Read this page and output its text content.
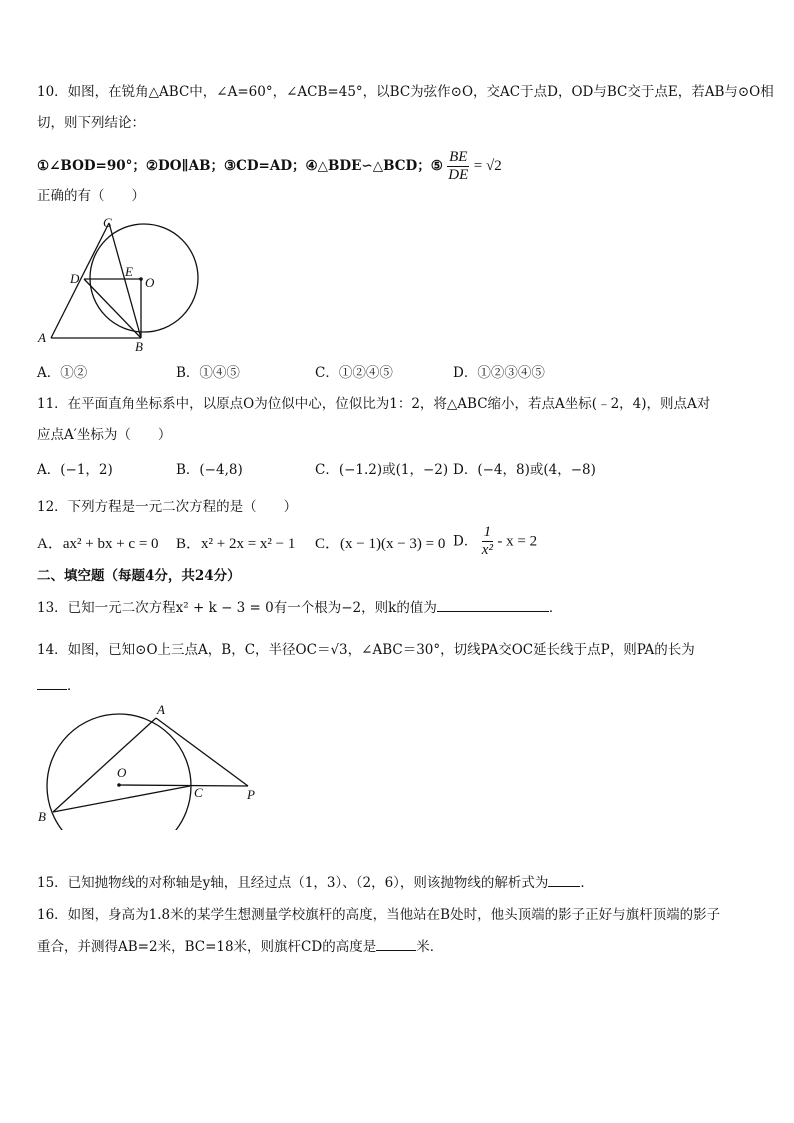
10．如图，在锐角△ABC中，∠A=60°，∠ACB=45°，以BC为弦作⊙O，交AC于点D，OD与BC交于点E，若AB与⊙O相
切，则下列结论：
①∠BOD=90°；②DO∥AB；③CD=AD；④△BDE∽△BCD；⑤ $\frac{BE}{DE} = √2$
正确的有（　　）
C
D	E
O
A
B
A．①②	B．①④⑤	C．①②④⑤	D．①②③④⑤
11．在平面直角坐标系中，以原点O为位似中心，位似比为1：2，将△ABC缩小，若点A坐标(﹣2，4)，则点A对
应点A′坐标为（　　）
A．(−1，2)	B．(−4,8)	C．(−1.2)或(1，−2) D．(−4，8)或(4，−8)
12．下列方程是一元二次方程的是（　　）
A．ax² + bx + c = 0 B．x² + 2x = x² − 1 C．(x − 1)(x − 3) = 0 D． $\frac{1}{\text{x²}} - x = 2$
二、填空题（每题4分，共24分）
13．已知一元二次方程x² + k − 3 = 0有一个根为−2，则k的值为	．
14．如图，已知⊙O上三点A，B，C，半径OC＝√3，∠ABC＝30°，切线PA交OC延长线于点P，则PA的长为
．
A
O
C	P
B
15．已知抛物线的对称轴是y轴，且经过点（1，3）、（2，6），则该抛物线的解析式为 ．
16．如图，身高为1.8米的某学生想测量学校旗杆的高度，当他站在B处时，他头顶端的影子正好与旗杆顶端的影子
重合，并测得AB=2米，BC=18米，则旗杆CD的高度是	米．
